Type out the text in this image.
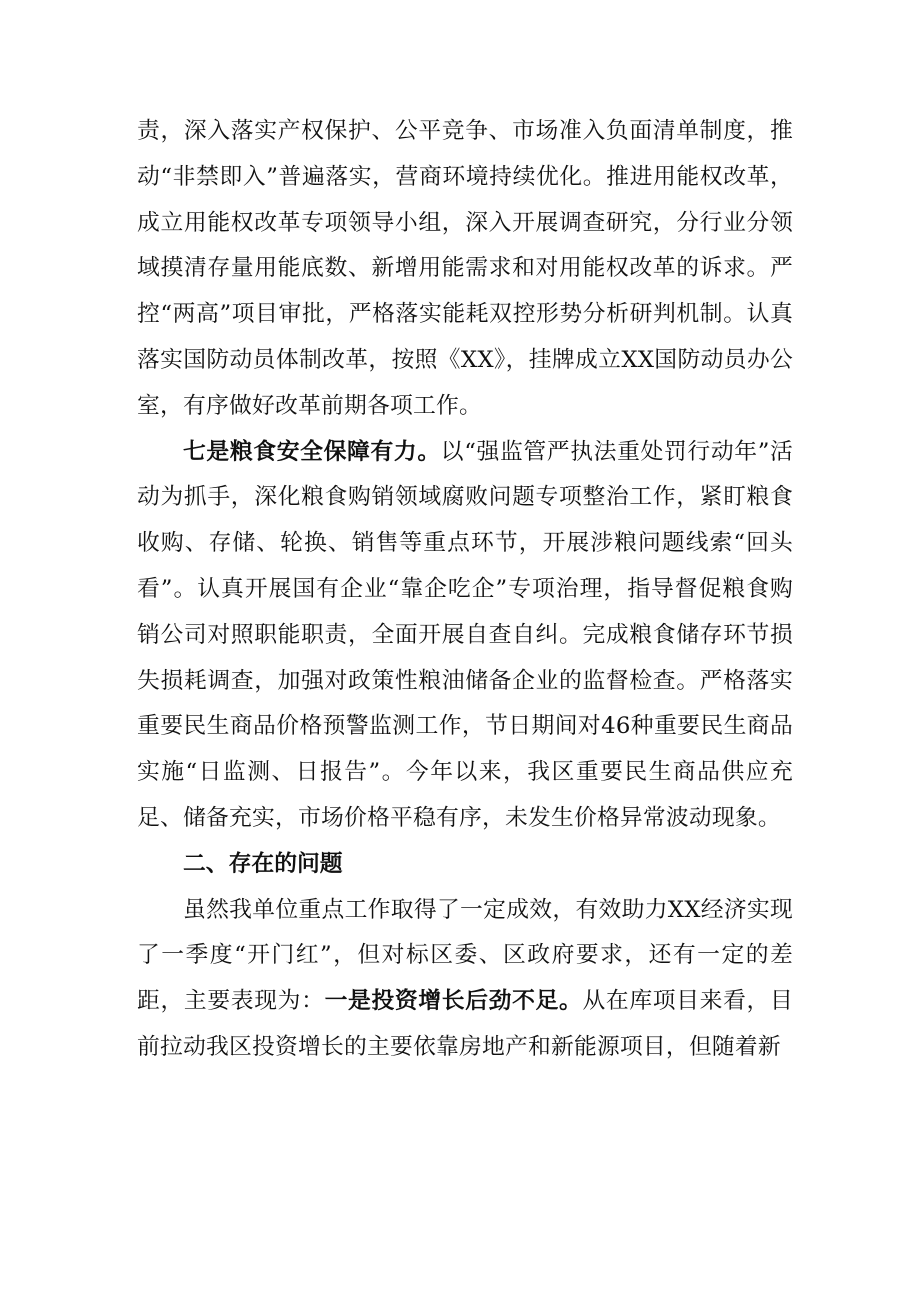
责，深入落实产权保护、公平竞争、市场准入负面清单制度，推动“非禁即入”普遍落实，营商环境持续优化。推进用能权改革，成立用能权改革专项领导小组，深入开展调查研究，分行业分领域摸清存量用能底数、新增用能需求和对用能权改革的诉求。严控“两高”项目审批，严格落实能耗双控形势分析研判机制。认真落实国防动员体制改革，按照《XX》，挂牌成立XX国防动员办公室，有序做好改革前期各项工作。

七是粮食安全保障有力。以“强监管严执法重处罚行动年”活动为抓手，深化粮食购销领域腐败问题专项整治工作，紧盯粮食收购、存储、轮换、销售等重点环节，开展涉粮问题线索“回头看”。认真开展国有企业“靠企吃企”专项治理，指导督促粮食购销公司对照职能职责，全面开展自查自纠。完成粮食储存环节损失损耗调查，加强对政策性粮油储备企业的监督检查。严格落实重要民生商品价格预警监测工作，节日期间对46种重要民生商品实施“日监测、日报告”。今年以来，我区重要民生商品供应充足、储备充实，市场价格平稳有序，未发生价格异常波动现象。

二、存在的问题

虽然我单位重点工作取得了一定成效，有效助力XX经济实现了一季度“开门红”，但对标区委、区政府要求，还有一定的差距，主要表现为：一是投资增长后劲不足。从在库项目来看，目前拉动我区投资增长的主要依靠房地产和新能源项目，但随着新
